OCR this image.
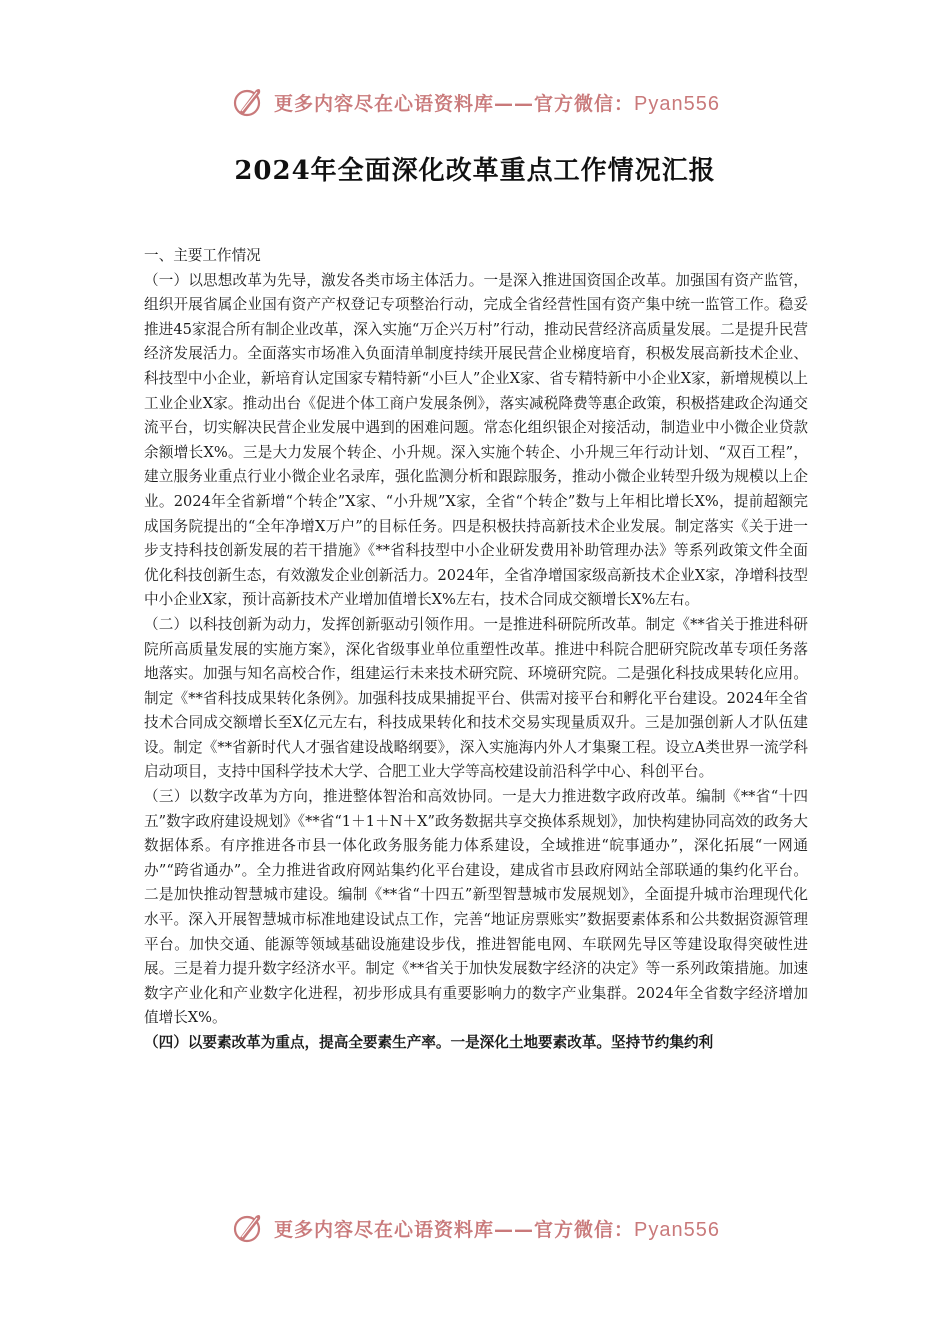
更多内容尽在心语资料库——官方微信：Pyan556
2024年全面深化改革重点工作情况汇报

一、主要工作情况

（一）以思想改革为先导，激发各类市场主体活力。一是深入推进国资国企改革。加强国有资产监管，组织开展省属企业国有资产产权登记专项整治行动，完成全省经营性国有资产集中统一监管工作。稳妥推进45家混合所有制企业改革，深入实施“万企兴万村”行动，推动民营经济高质量发展。二是提升民营经济发展活力。全面落实市场准入负面清单制度持续开展民营企业梯度培育，积极发展高新技术企业、科技型中小企业，新培育认定国家专精特新“小巨人”企业X家、省专精特新中小企业X家，新增规模以上工业企业X家。推动出台《促进个体工商户发展条例》，落实减税降费等惠企政策，积极搭建政企沟通交流平台，切实解决民营企业发展中遇到的困难问题。常态化组织银企对接活动，制造业中小微企业贷款余额增长X%。三是大力发展个转企、小升规。深入实施个转企、小升规三年行动计划、“双百工程”，建立服务业重点行业小微企业名录库，强化监测分析和跟踪服务，推动小微企业转型升级为规模以上企业。2024年全省新增“个转企”X家、“小升规”X家，全省“个转企”数与上年相比增长X%，提前超额完成国务院提出的“全年净增X万户”的目标任务。四是积极扶持高新技术企业发展。制定落实《关于进一步支持科技创新发展的若干措施》《**省科技型中小企业研发费用补助管理办法》等系列政策文件全面优化科技创新生态，有效激发企业创新活力。2024年，全省净增国家级高新技术企业X家，净增科技型中小企业X家，预计高新技术产业增加值增长X%左右，技术合同成交额增长X%左右。

（二）以科技创新为动力，发挥创新驱动引领作用。一是推进科研院所改革。制定《**省关于推进科研院所高质量发展的实施方案》，深化省级事业单位重塑性改革。推进中科院合肥研究院改革专项任务落地落实。加强与知名高校合作，组建运行未来技术研究院、环境研究院。二是强化科技成果转化应用。制定《**省科技成果转化条例》。加强科技成果捕捉平台、供需对接平台和孵化平台建设。2024年全省技术合同成交额增长至X亿元左右，科技成果转化和技术交易实现量质双升。三是加强创新人才队伍建设。制定《**省新时代人才强省建设战略纲要》，深入实施海内外人才集聚工程。设立A类世界一流学科启动项目，支持中国科学技术大学、合肥工业大学等高校建设前沿科学中心、科创平台。

（三）以数字改革为方向，推进整体智治和高效协同。一是大力推进数字政府改革。编制《**省“十四五”数字政府建设规划》《**省“1＋1＋N＋X”政务数据共享交换体系规划》，加快构建协同高效的政务大数据体系。有序推进各市县一体化政务服务能力体系建设，全域推进“皖事通办”，深化拓展“一网通办”“跨省通办”。全力推进省政府网站集约化平台建设，建成省市县政府网站全部联通的集约化平台。二是加快推动智慧城市建设。编制《**省“十四五”新型智慧城市发展规划》，全面提升城市治理现代化水平。深入开展智慧城市标准地建设试点工作，完善“地证房票账实”数据要素体系和公共数据资源管理平台。加快交通、能源等领域基础设施建设步伐，推进智能电网、车联网先导区等建设取得突破性进展。三是着力提升数字经济水平。制定《**省关于加快发展数字经济的决定》等一系列政策措施。加速数字产业化和产业数字化进程，初步形成具有重要影响力的数字产业集群。2024年全省数字经济增加值增长X%。

（四）以要素改革为重点，提高全要素生产率。一是深化土地要素改革。坚持节约集约利

更多内容尽在心语资料库——官方微信：Pyan556
